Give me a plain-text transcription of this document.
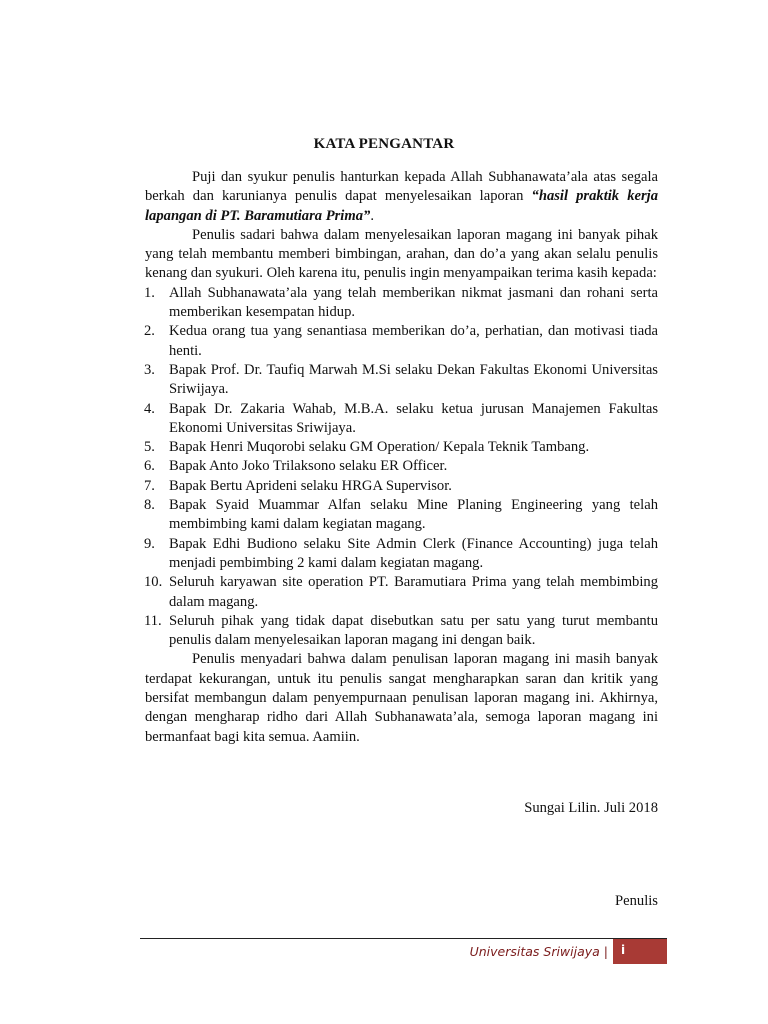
KATA PENGANTAR

Puji dan syukur penulis hanturkan kepada Allah Subhanawata’ala atas segala berkah dan karunianya penulis dapat menyelesaikan laporan “hasil praktik kerja lapangan di PT. Baramutiara Prima”.

Penulis sadari bahwa dalam menyelesaikan laporan magang ini banyak pihak yang telah membantu memberi bimbingan, arahan, dan do’a yang akan selalu penulis kenang dan syukuri. Oleh karena itu, penulis ingin menyampaikan terima kasih kepada:

1. Allah Subhanawata’ala yang telah memberikan nikmat jasmani dan rohani serta memberikan kesempatan hidup.
2. Kedua orang tua yang senantiasa memberikan do’a, perhatian, dan motivasi tiada henti.
3. Bapak Prof. Dr. Taufiq Marwah M.Si selaku Dekan Fakultas Ekonomi Universitas Sriwijaya.
4. Bapak Dr. Zakaria Wahab, M.B.A. selaku ketua jurusan Manajemen Fakultas Ekonomi Universitas Sriwijaya.
5. Bapak Henri Muqorobi selaku GM Operation/ Kepala Teknik Tambang.
6. Bapak Anto Joko Trilaksono selaku ER Officer.
7. Bapak Bertu Aprideni selaku HRGA Supervisor.
8. Bapak Syaid Muammar Alfan selaku Mine Planing Engineering yang telah membimbing kami dalam kegiatan magang.
9. Bapak Edhi Budiono selaku Site Admin Clerk (Finance Accounting) juga telah menjadi pembimbing 2 kami dalam kegiatan magang.
10. Seluruh karyawan site operation PT. Baramutiara Prima yang telah membimbing dalam magang.
11. Seluruh pihak yang tidak dapat disebutkan satu per satu yang turut membantu penulis dalam menyelesaikan laporan magang ini dengan baik.

Penulis menyadari bahwa dalam penulisan laporan magang ini masih banyak terdapat kekurangan, untuk itu penulis sangat mengharapkan saran dan kritik yang bersifat membangun dalam penyempurnaan penulisan laporan magang ini. Akhirnya, dengan mengharap ridho dari Allah Subhanawata’ala, semoga laporan magang ini bermanfaat bagi kita semua. Aamiin.

Sungai Lilin. Juli 2018
Penulis
Universitas Sriwijaya | i
